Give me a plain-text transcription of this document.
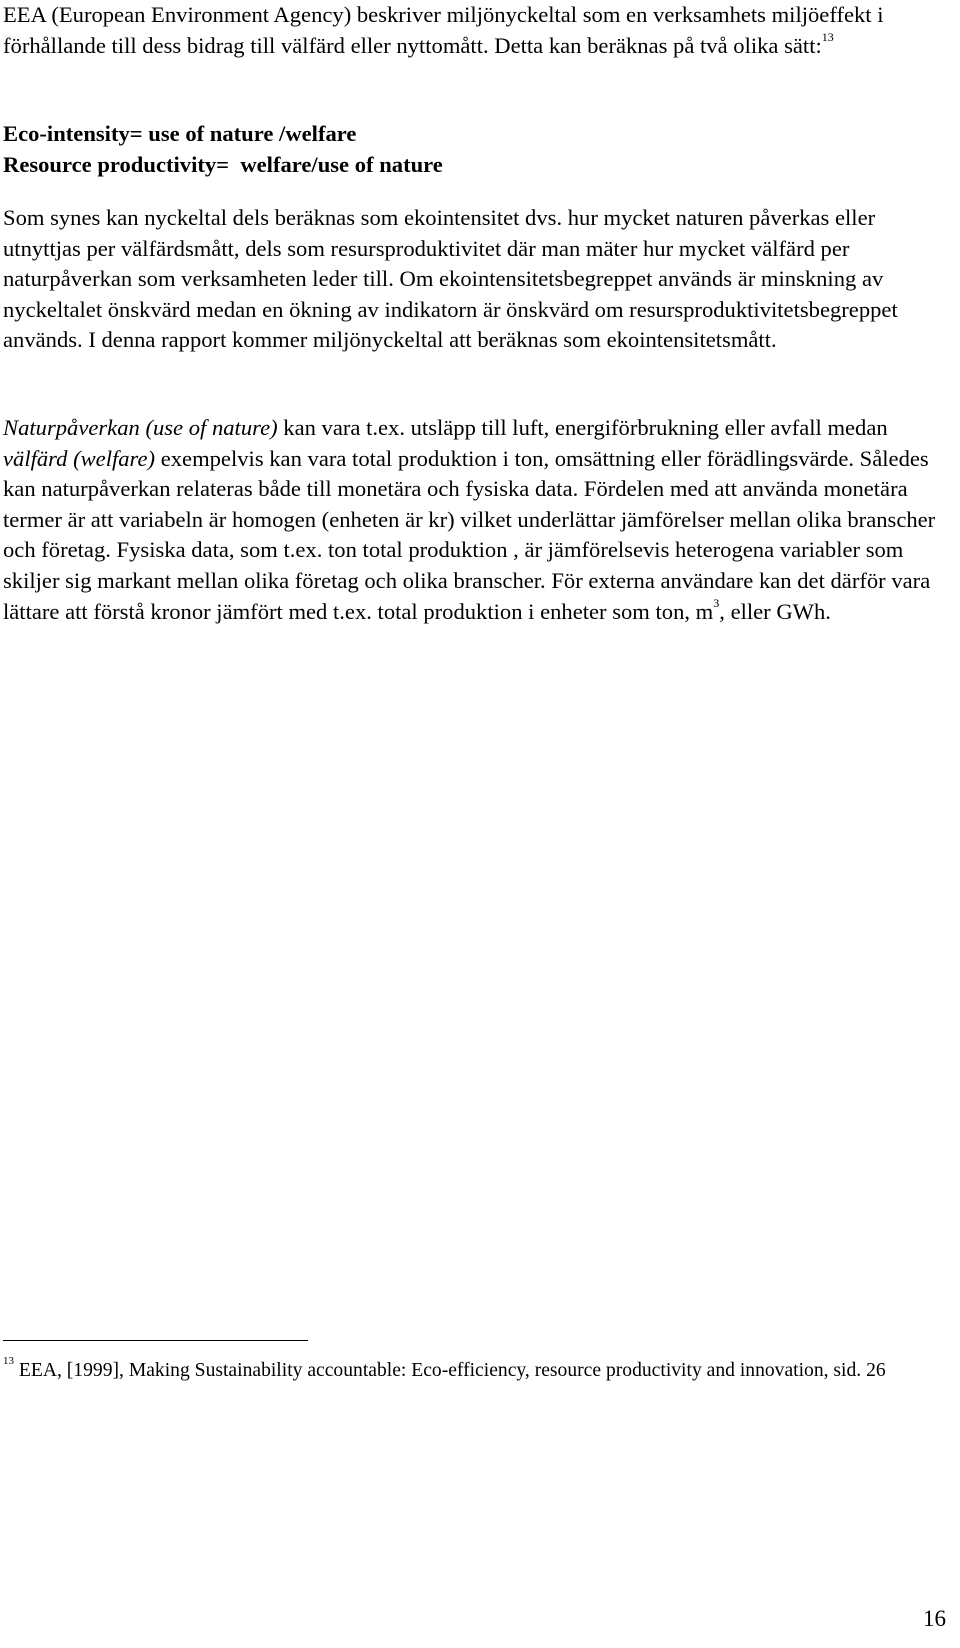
EEA (European Environment Agency) beskriver miljönyckeltal som en verksamhets miljöeffekt i förhållande till dess bidrag till välfärd eller nyttomått. Detta kan beräknas på två olika sätt:$^{13}$

Eco-intensity= use of nature /welfare
Resource productivity=  welfare/use of nature

Som synes kan nyckeltal dels beräknas som ekointensitet dvs. hur mycket naturen påverkas eller utnyttjas per välfärdsmått, dels som resursproduktivitet där man mäter hur mycket välfärd per naturpåverkan som verksamheten leder till. Om ekointensitetsbegreppet används är minskning av nyckeltalet önskvärd medan en ökning av indikatorn är önskvärd om resursproduktivitetsbegreppet används. I denna rapport kommer miljönyckeltal att beräknas som ekointensitetsmått.

Naturpåverkan (use of nature) kan vara t.ex. utsläpp till luft, energiförbrukning eller avfall medan välfärd (welfare) exempelvis kan vara total produktion i ton, omsättning eller förädlingsvärde. Således kan naturpåverkan relateras både till monetära och fysiska data. Fördelen med att använda monetära termer är att variabeln är homogen (enheten är kr) vilket underlättar jämförelser mellan olika branscher och företag. Fysiska data, som t.ex. ton total produktion , är jämförelsevis heterogena variabler som skiljer sig markant mellan olika företag och olika branscher. För externa användare kan det därför vara lättare att förstå kronor jämfört med t.ex. total produktion i enheter som ton, $m^3$, eller GWh.

$^{13}$ EEA, [1999], Making Sustainability accountable: Eco-efficiency, resource productivity and innovation, sid. 26
16
